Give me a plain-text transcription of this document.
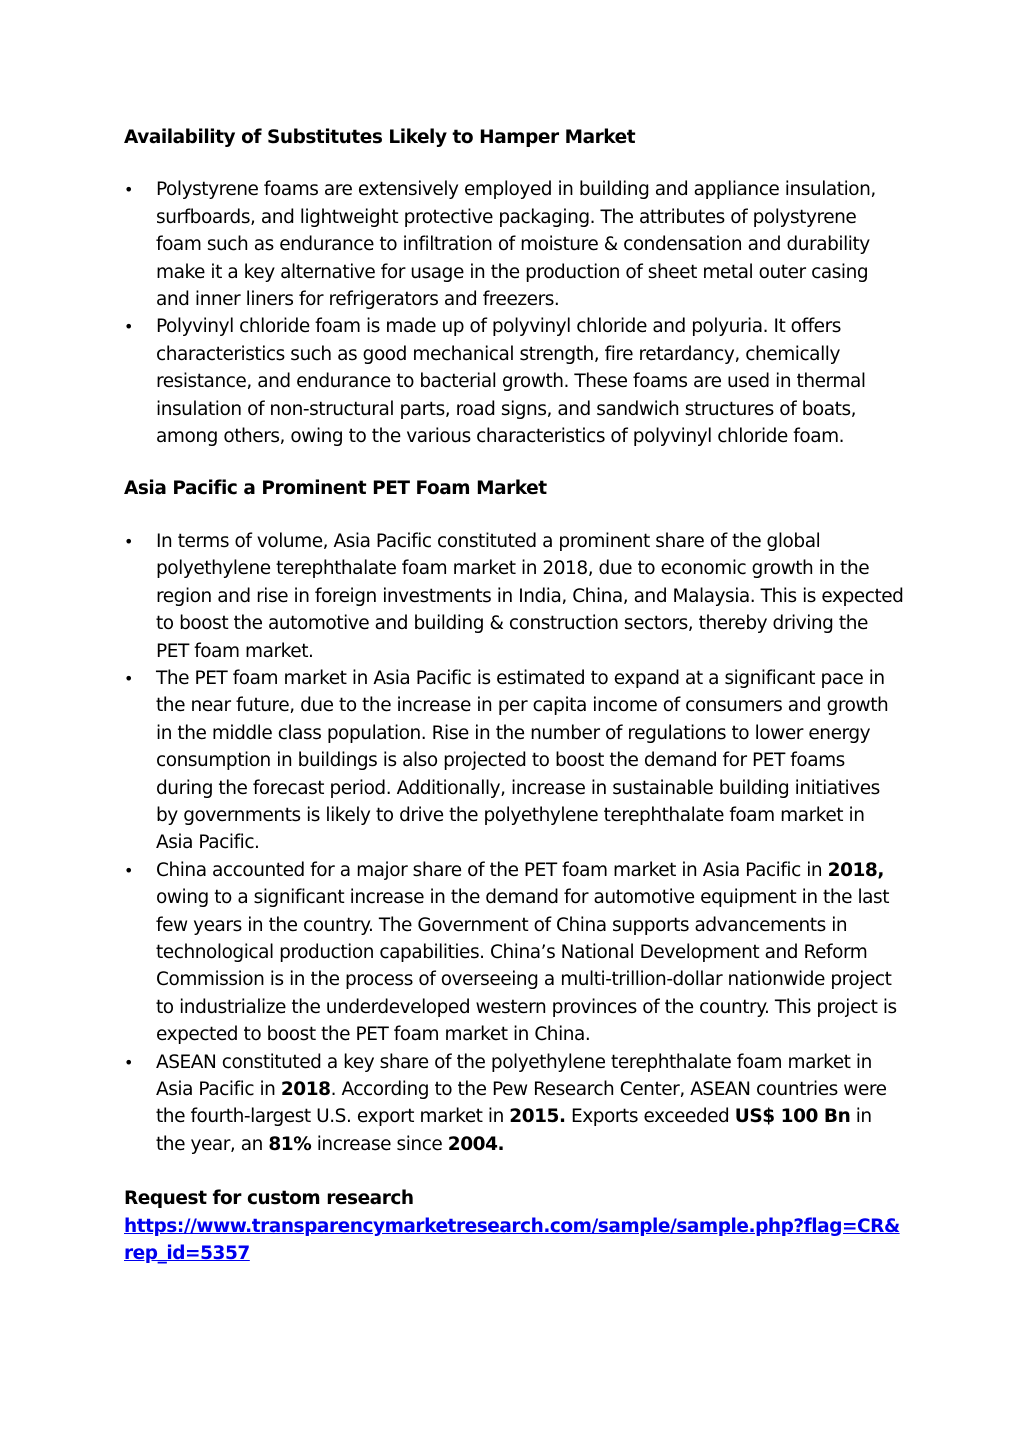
Availability of Substitutes Likely to Hamper Market
• Polystyrene foams are extensively employed in building and appliance insulation, surfboards, and lightweight protective packaging. The attributes of polystyrene foam such as endurance to infiltration of moisture & condensation and durability make it a key alternative for usage in the production of sheet metal outer casing and inner liners for refrigerators and freezers.
• Polyvinyl chloride foam is made up of polyvinyl chloride and polyuria. It offers characteristics such as good mechanical strength, fire retardancy, chemically resistance, and endurance to bacterial growth. These foams are used in thermal insulation of non-structural parts, road signs, and sandwich structures of boats, among others, owing to the various characteristics of polyvinyl chloride foam.
Asia Pacific a Prominent PET Foam Market
• In terms of volume, Asia Pacific constituted a prominent share of the global polyethylene terephthalate foam market in 2018, due to economic growth in the region and rise in foreign investments in India, China, and Malaysia. This is expected to boost the automotive and building & construction sectors, thereby driving the PET foam market.
• The PET foam market in Asia Pacific is estimated to expand at a significant pace in the near future, due to the increase in per capita income of consumers and growth in the middle class population. Rise in the number of regulations to lower energy consumption in buildings is also projected to boost the demand for PET foams during the forecast period. Additionally, increase in sustainable building initiatives by governments is likely to drive the polyethylene terephthalate foam market in Asia Pacific.
• China accounted for a major share of the PET foam market in Asia Pacific in 2018, owing to a significant increase in the demand for automotive equipment in the last few years in the country. The Government of China supports advancements in technological production capabilities. China’s National Development and Reform Commission is in the process of overseeing a multi-trillion-dollar nationwide project to industrialize the underdeveloped western provinces of the country. This project is expected to boost the PET foam market in China.
• ASEAN constituted a key share of the polyethylene terephthalate foam market in Asia Pacific in 2018. According to the Pew Research Center, ASEAN countries were the fourth-largest U.S. export market in 2015. Exports exceeded US$ 100 Bn in the year, an 81% increase since 2004.
Request for custom research
https://www.transparencymarketresearch.com/sample/sample.php?flag=CR&rep_id=5357
